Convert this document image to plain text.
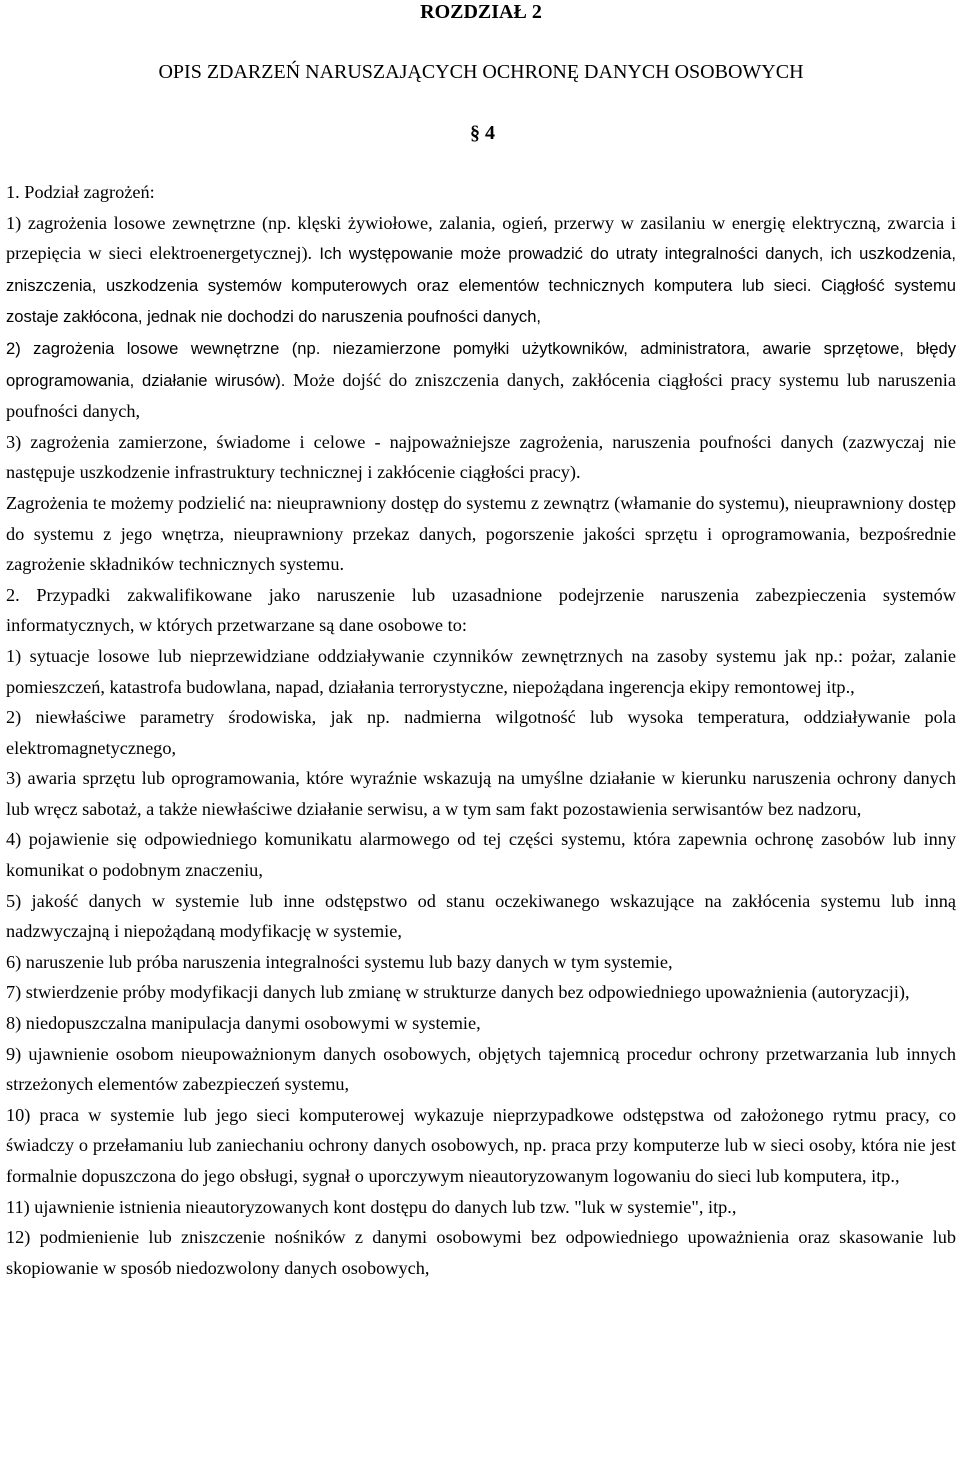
ROZDZIAŁ 2
OPIS ZDARZEŃ NARUSZAJĄCYCH OCHRONĘ DANYCH OSOBOWYCH
§ 4

1. Podział zagrożeń:

1) zagrożenia losowe zewnętrzne (np. klęski żywiołowe, zalania, ogień, przerwy w zasilaniu w energię elektryczną, zwarcia i przepięcia w sieci elektroenergetycznej). Ich występowanie może prowadzić do utraty integralności danych, ich uszkodzenia, zniszczenia, uszkodzenia systemów komputerowych oraz elementów technicznych komputera lub sieci. Ciągłość systemu zostaje zakłócona, jednak nie dochodzi do naruszenia poufności danych,

2) zagrożenia losowe wewnętrzne (np. niezamierzone pomyłki użytkowników, administratora, awarie sprzętowe, błędy oprogramowania, działanie wirusów). Może dojść do zniszczenia danych, zakłócenia ciągłości pracy systemu lub naruszenia poufności danych,

3) zagrożenia zamierzone, świadome i celowe - najpoważniejsze zagrożenia, naruszenia poufności danych (zazwyczaj nie następuje uszkodzenie infrastruktury technicznej i zakłócenie ciągłości pracy).

Zagrożenia te możemy podzielić na: nieuprawniony dostęp do systemu z zewnątrz (włamanie do systemu), nieuprawniony dostęp do systemu z jego wnętrza, nieuprawniony przekaz danych, pogorszenie jakości sprzętu i oprogramowania, bezpośrednie zagrożenie składników technicznych systemu.

2. Przypadki zakwalifikowane jako naruszenie lub uzasadnione podejrzenie naruszenia zabezpieczenia systemów informatycznych, w których przetwarzane są dane osobowe to:

1) sytuacje losowe lub nieprzewidziane oddziaływanie czynników zewnętrznych na zasoby systemu jak np.: pożar, zalanie pomieszczeń, katastrofa budowlana, napad, działania terrorystyczne, niepożądana ingerencja ekipy remontowej itp.,

2) niewłaściwe parametry środowiska, jak np. nadmierna wilgotność lub wysoka temperatura, oddziaływanie pola elektromagnetycznego,

3) awaria sprzętu lub oprogramowania, które wyraźnie wskazują na umyślne działanie w kierunku naruszenia ochrony danych lub wręcz sabotaż, a także niewłaściwe działanie serwisu, a w tym sam fakt pozostawienia serwisantów bez nadzoru,

4) pojawienie się odpowiedniego komunikatu alarmowego od tej części systemu, która zapewnia ochronę zasobów lub inny komunikat o podobnym znaczeniu,

5) jakość danych w systemie lub inne odstępstwo od stanu oczekiwanego wskazujące na zakłócenia systemu lub inną nadzwyczajną i niepożądaną modyfikację w systemie,

6) naruszenie lub próba naruszenia integralności systemu lub bazy danych w tym systemie,

7) stwierdzenie próby modyfikacji danych lub zmianę w strukturze danych bez odpowiedniego upoważnienia (autoryzacji),

8) niedopuszczalna manipulacja danymi osobowymi w systemie,

9) ujawnienie osobom nieupoważnionym danych osobowych, objętych tajemnicą procedur ochrony przetwarzania lub innych strzeżonych elementów zabezpieczeń systemu,

10) praca w systemie lub jego sieci komputerowej wykazuje nieprzypadkowe odstępstwa od założonego rytmu pracy, co świadczy o przełamaniu lub zaniechaniu ochrony danych osobowych, np. praca przy komputerze lub w sieci osoby, która nie jest formalnie dopuszczona do jego obsługi, sygnał o uporczywym nieautoryzowanym logowaniu do sieci lub komputera, itp.,

11) ujawnienie istnienia nieautoryzowanych kont dostępu do danych lub tzw. "luk w systemie", itp.,

12) podmienienie lub zniszczenie nośników z danymi osobowymi bez odpowiedniego upoważnienia oraz skasowanie lub skopiowanie w sposób niedozwolony danych osobowych,
